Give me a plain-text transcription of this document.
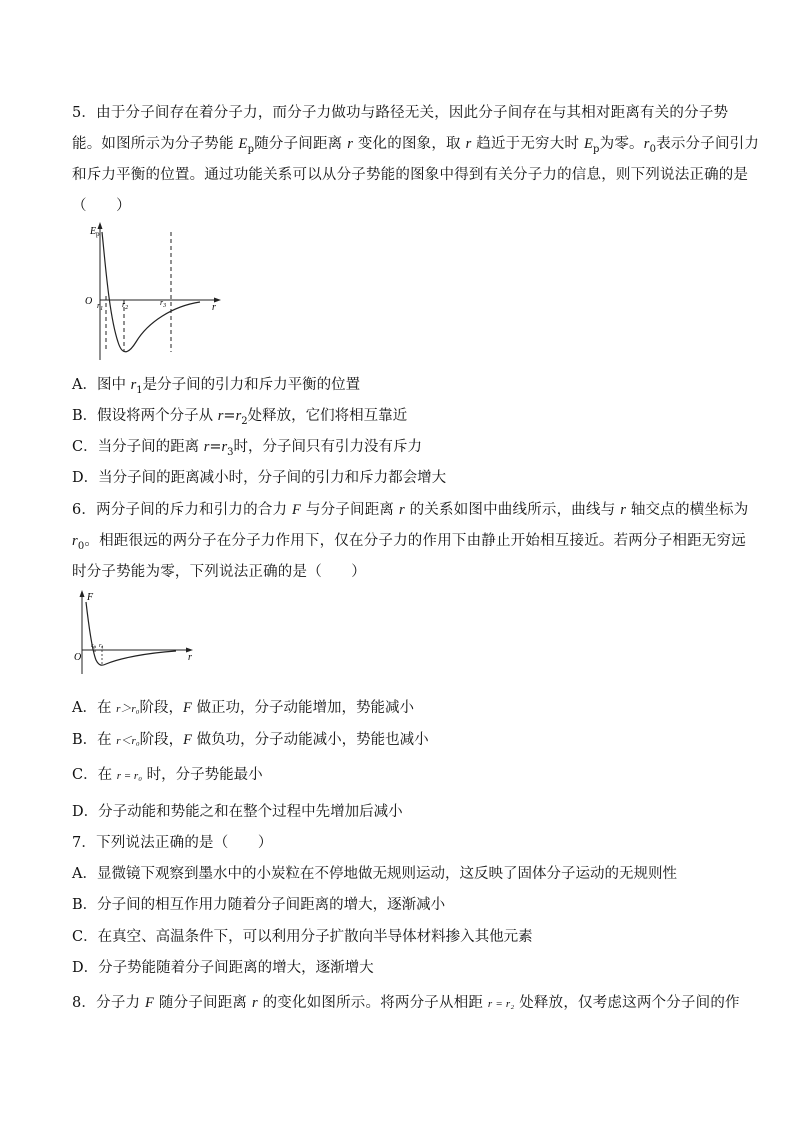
5．由于分子间存在着分子力，而分子力做功与路径无关，因此分子间存在与其相对距离有关的分子势
能。如图所示为分子势能 $E_p$随分子间距离 r 变化的图象，取 r 趋近于无穷大时 $E_p$为零。$r_0$表示分子间引力
和斥力平衡的位置。通过功能关系可以从分子势能的图象中得到有关分子力的信息，则下列说法正确的是
（　　）
E p
O
r
$r_1$ $r_2$
$r_3$
A．图中 $r_1$是分子间的引力和斥力平衡的位置
B．假设将两个分子从 $r=r_2$处释放，它们将相互靠近
C．当分子间的距离 $r=r_3$时，分子间只有引力没有斥力
D．当分子间的距离减小时，分子间的引力和斥力都会增大
6．两分子间的斥力和引力的合力 F 与分子间距离 r 的关系如图中曲线所示，曲线与 r 轴交点的横坐标为
$r_0$。相距很远的两分子在分子力作用下，仅在分子力的作用下由静止开始相互接近。若两分子相距无穷远
时分子势能为零，下列说法正确的是（　　）
F
O	r
$r_0$ $r_1$
A．在 r＞r₀阶段，F 做正功，分子动能增加，势能减小
B．在 r＜r₀阶段，F 做负功，分子动能减小，势能也减小
C．在 r = r₀ 时，分子势能最小
D．分子动能和势能之和在整个过程中先增加后减小
7．下列说法正确的是（　　）
A．显微镜下观察到墨水中的小炭粒在不停地做无规则运动，这反映了固体分子运动的无规则性
B．分子间的相互作用力随着分子间距离的增大，逐渐减小
C．在真空、高温条件下，可以利用分子扩散向半导体材料掺入其他元素
D．分子势能随着分子间距离的增大，逐渐增大
8．分子力 F 随分子间距离 r 的变化如图所示。将两分子从相距 r = r₂ 处释放，仅考虑这两个分子间的作
